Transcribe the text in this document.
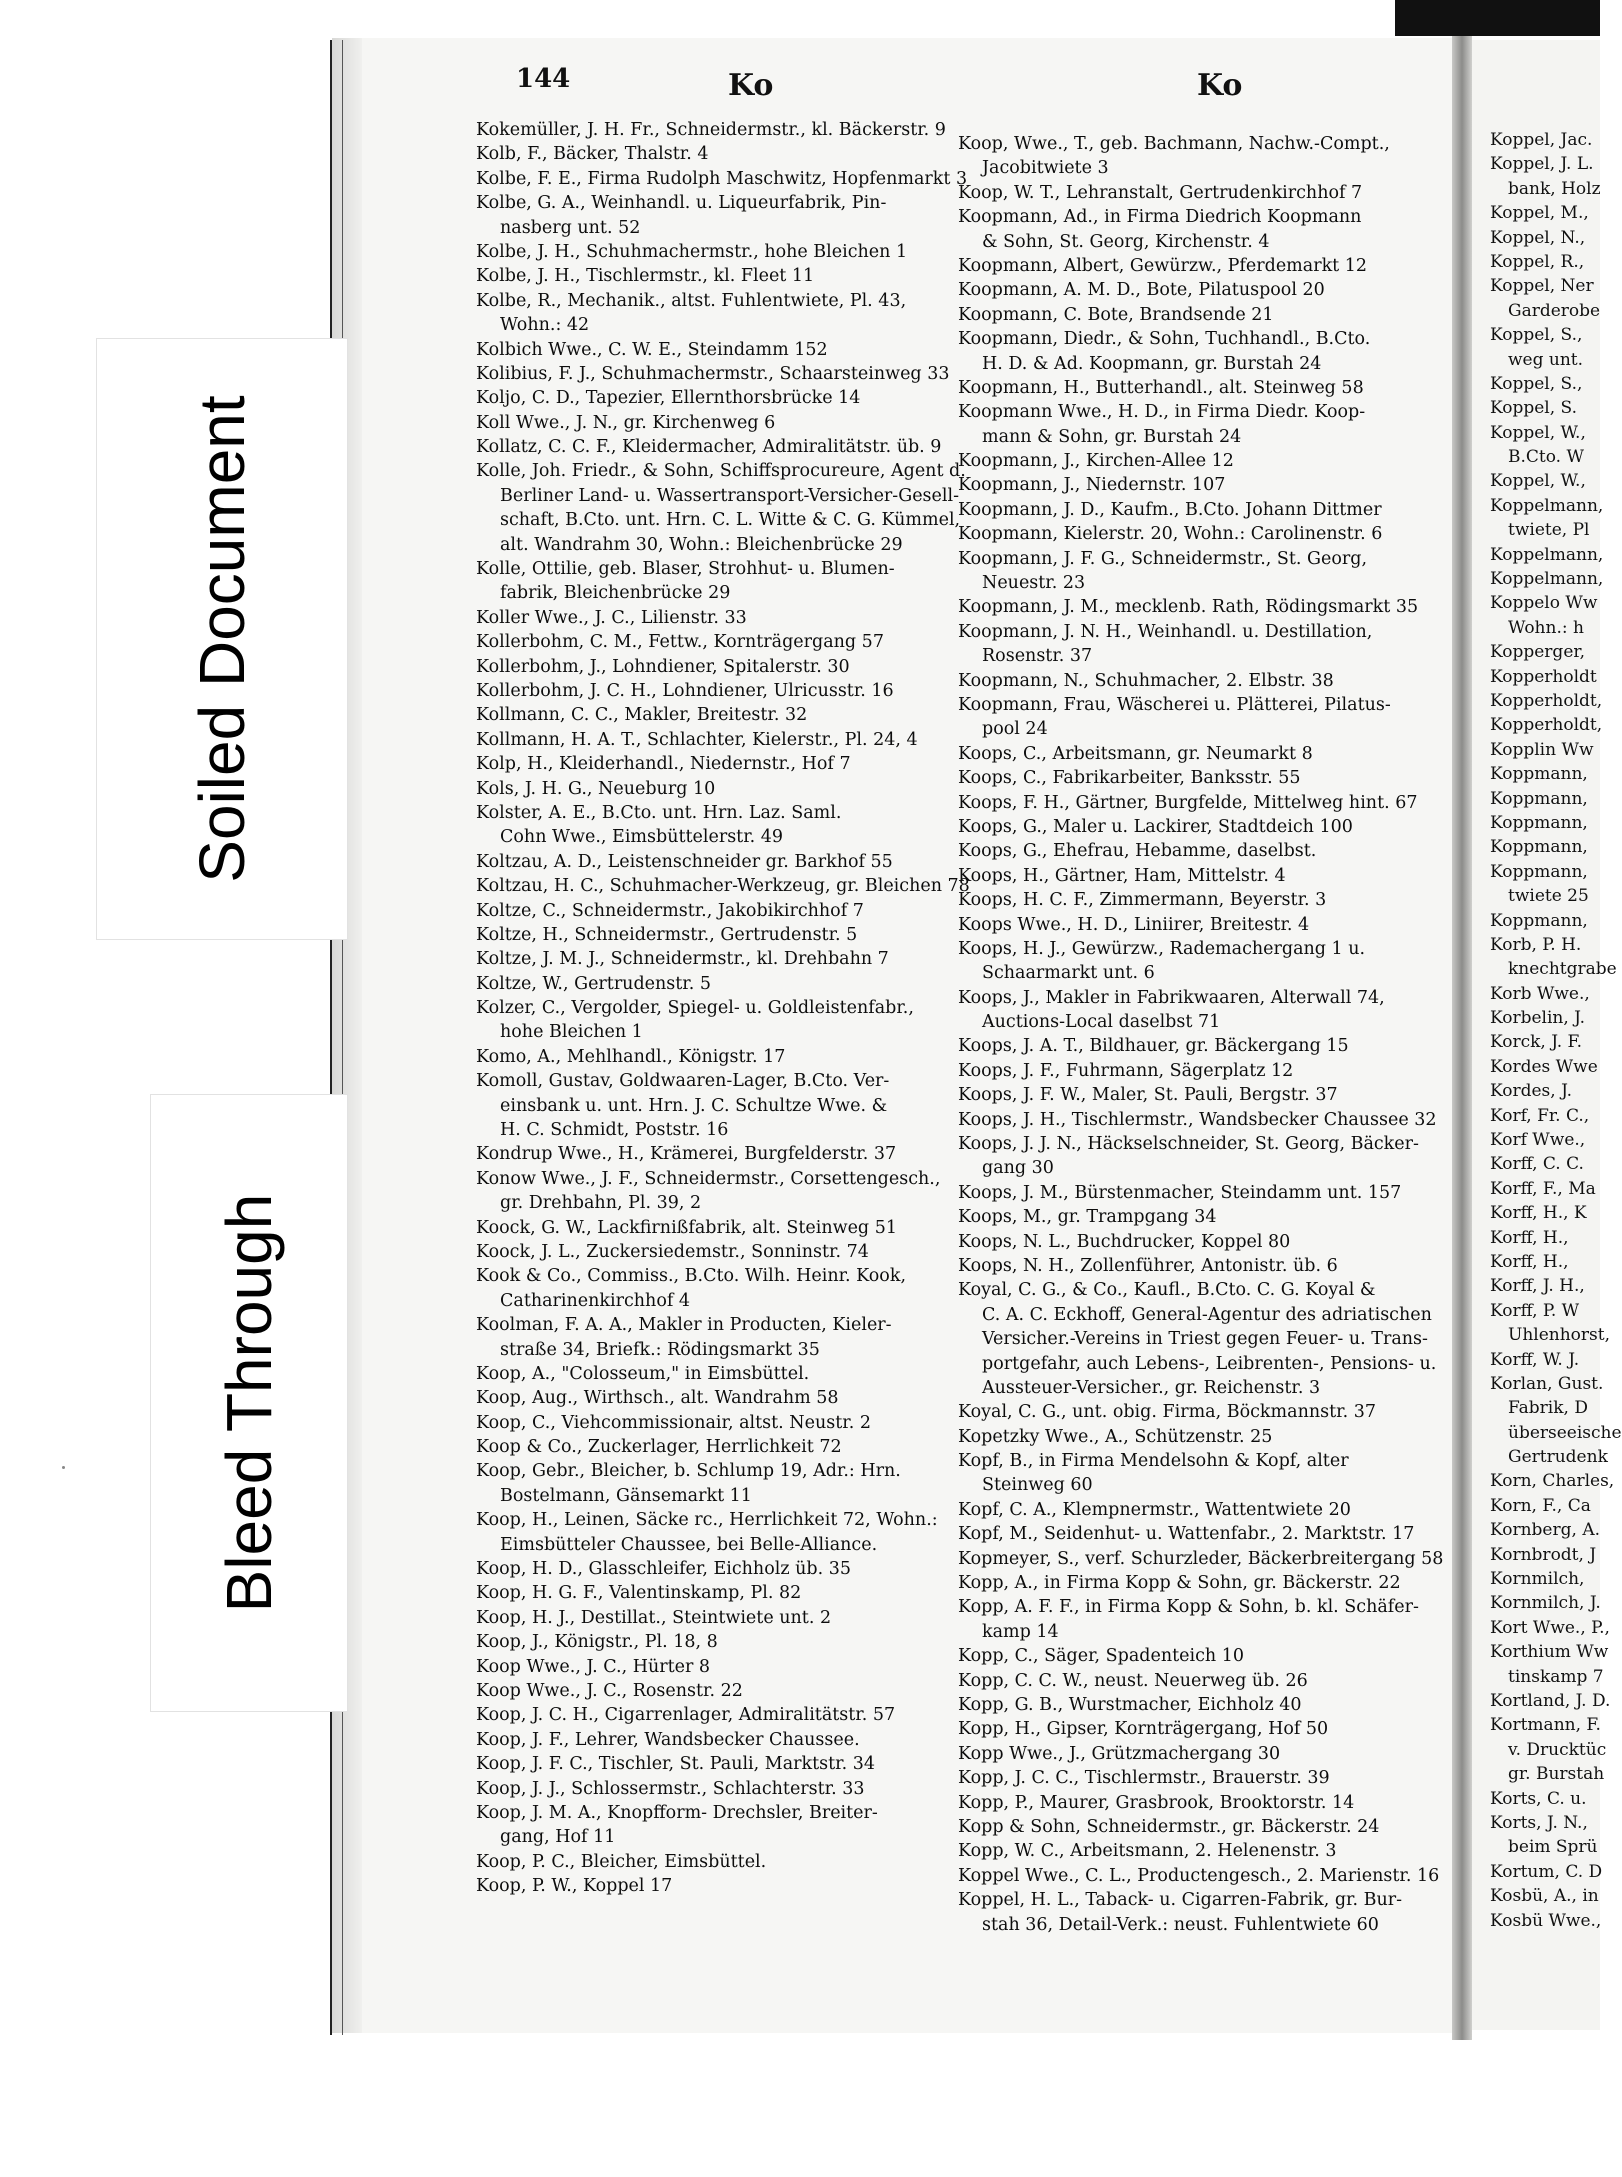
Soiled Document
Bleed Through
144	Ko	Ko
Kokemüller, J. H. Fr., Schneidermstr., kl. Bäckerstr. 9
Kolb, F., Bäcker, Thalstr. 4
Kolbe, F. E., Firma Rudolph Maschwitz, Hopfenmarkt 3
Kolbe, G. A., Weinhandl. u. Liqueurfabrik, Pin-
nasberg unt. 52
Kolbe, J. H., Schuhmachermstr., hohe Bleichen 1
Kolbe, J. H., Tischlermstr., kl. Fleet 11
Kolbe, R., Mechanik., altst. Fuhlentwiete, Pl. 43,
Wohn.: 42
Kolbich Wwe., C. W. E., Steindamm 152
Kolibius, F. J., Schuhmachermstr., Schaarsteinweg 33
Koljo, C. D., Tapezier, Ellernthorsbrücke 14
Koll Wwe., J. N., gr. Kirchenweg 6
Kollatz, C. C. F., Kleidermacher, Admiralitätstr. üb. 9
Kolle, Joh. Friedr., & Sohn, Schiffsprocureure, Agent d.
Berliner Land- u. Wassertransport-Versicher-Gesell-
schaft, B.Cto. unt. Hrn. C. L. Witte & C. G. Kümmel,
alt. Wandrahm 30, Wohn.: Bleichenbrücke 29
Kolle, Ottilie, geb. Blaser, Strohhut- u. Blumen-
fabrik, Bleichenbrücke 29
Koller Wwe., J. C., Lilienstr. 33
Kollerbohm, C. M., Fettw., Kornträgergang 57
Kollerbohm, J., Lohndiener, Spitalerstr. 30
Kollerbohm, J. C. H., Lohndiener, Ulricusstr. 16
Kollmann, C. C., Makler, Breitestr. 32
Kollmann, H. A. T., Schlachter, Kielerstr., Pl. 24, 4
Kolp, H., Kleiderhandl., Niedernstr., Hof 7
Kols, J. H. G., Neueburg 10
Kolster, A. E., B.Cto. unt. Hrn. Laz. Saml.
Cohn Wwe., Eimsbüttelerstr. 49
Koltzau, A. D., Leistenschneider gr. Barkhof 55
Koltzau, H. C., Schuhmacher-Werkzeug, gr. Bleichen 78
Koltze, C., Schneidermstr., Jakobikirchhof 7
Koltze, H., Schneidermstr., Gertrudenstr. 5
Koltze, J. M. J., Schneidermstr., kl. Drehbahn 7
Koltze, W., Gertrudenstr. 5
Kolzer, C., Vergolder, Spiegel- u. Goldleistenfabr.,
hohe Bleichen 1
Komo, A., Mehlhandl., Königstr. 17
Komoll, Gustav, Goldwaaren-Lager, B.Cto. Ver-
einsbank u. unt. Hrn. J. C. Schultze Wwe. &
H. C. Schmidt, Poststr. 16
Kondrup Wwe., H., Krämerei, Burgfelderstr. 37
Konow Wwe., J. F., Schneidermstr., Corsettengesch.,
gr. Drehbahn, Pl. 39, 2
Koock, G. W., Lackfirnißfabrik, alt. Steinweg 51
Koock, J. L., Zuckersiedemstr., Sonninstr. 74
Kook & Co., Commiss., B.Cto. Wilh. Heinr. Kook,
Catharinenkirchhof 4
Koolman, F. A. A., Makler in Producten, Kieler-
straße 34, Briefk.: Rödingsmarkt 35
Koop, A., "Colosseum," in Eimsbüttel.
Koop, Aug., Wirthsch., alt. Wandrahm 58
Koop, C., Viehcommissionair, altst. Neustr. 2
Koop & Co., Zuckerlager, Herrlichkeit 72
Koop, Gebr., Bleicher, b. Schlump 19, Adr.: Hrn.
Bostelmann, Gänsemarkt 11
Koop, H., Leinen, Säcke rc., Herrlichkeit 72, Wohn.:
Eimsbütteler Chaussee, bei Belle-Alliance.
Koop, H. D., Glasschleifer, Eichholz üb. 35
Koop, H. G. F., Valentinskamp, Pl. 82
Koop, H. J., Destillat., Steintwiete unt. 2
Koop, J., Königstr., Pl. 18, 8
Koop Wwe., J. C., Hürter 8
Koop Wwe., J. C., Rosenstr. 22
Koop, J. C. H., Cigarrenlager, Admiralitätstr. 57
Koop, J. F., Lehrer, Wandsbecker Chaussee.
Koop, J. F. C., Tischler, St. Pauli, Marktstr. 34
Koop, J. J., Schlossermstr., Schlachterstr. 33
Koop, J. M. A., Knopfform- Drechsler, Breiter-
gang, Hof 11
Koop, P. C., Bleicher, Eimsbüttel.
Koop, P. W., Koppel 17
Koop, Wwe., T., geb. Bachmann, Nachw.-Compt.,
Jacobitwiete 3
Koop, W. T., Lehranstalt, Gertrudenkirchhof 7
Koopmann, Ad., in Firma Diedrich Koopmann
& Sohn, St. Georg, Kirchenstr. 4
Koopmann, Albert, Gewürzw., Pferdemarkt 12
Koopmann, A. M. D., Bote, Pilatuspool 20
Koopmann, C. Bote, Brandsende 21
Koopmann, Diedr., & Sohn, Tuchhandl., B.Cto.
H. D. & Ad. Koopmann, gr. Burstah 24
Koopmann, H., Butterhandl., alt. Steinweg 58
Koopmann Wwe., H. D., in Firma Diedr. Koop-
mann & Sohn, gr. Burstah 24
Koopmann, J., Kirchen-Allee 12
Koopmann, J., Niedernstr. 107
Koopmann, J. D., Kaufm., B.Cto. Johann Dittmer
Koopmann, Kielerstr. 20, Wohn.: Carolinenstr. 6
Koopmann, J. F. G., Schneidermstr., St. Georg,
Neuestr. 23
Koopmann, J. M., mecklenb. Rath, Rödingsmarkt 35
Koopmann, J. N. H., Weinhandl. u. Destillation,
Rosenstr. 37
Koopmann, N., Schuhmacher, 2. Elbstr. 38
Koopmann, Frau, Wäscherei u. Plätterei, Pilatus-
pool 24
Koops, C., Arbeitsmann, gr. Neumarkt 8
Koops, C., Fabrikarbeiter, Banksstr. 55
Koops, F. H., Gärtner, Burgfelde, Mittelweg hint. 67
Koops, G., Maler u. Lackirer, Stadtdeich 100
Koops, G., Ehefrau, Hebamme, daselbst.
Koops, H., Gärtner, Ham, Mittelstr. 4
Koops, H. C. F., Zimmermann, Beyerstr. 3
Koops Wwe., H. D., Liniirer, Breitestr. 4
Koops, H. J., Gewürzw., Rademachergang 1 u.
Schaarmarkt unt. 6
Koops, J., Makler in Fabrikwaaren, Alterwall 74,
Auctions-Local daselbst 71
Koops, J. A. T., Bildhauer, gr. Bäckergang 15
Koops, J. F., Fuhrmann, Sägerplatz 12
Koops, J. F. W., Maler, St. Pauli, Bergstr. 37
Koops, J. H., Tischlermstr., Wandsbecker Chaussee 32
Koops, J. J. N., Häckselschneider, St. Georg, Bäcker-
gang 30
Koops, J. M., Bürstenmacher, Steindamm unt. 157
Koops, M., gr. Trampgang 34
Koops, N. L., Buchdrucker, Koppel 80
Koops, N. H., Zollenführer, Antonistr. üb. 6
Koyal, C. G., & Co., Kaufl., B.Cto. C. G. Koyal &
C. A. C. Eckhoff, General-Agentur des adriatischen
Versicher.-Vereins in Triest gegen Feuer- u. Trans-
portgefahr, auch Lebens-, Leibrenten-, Pensions- u.
Aussteuer-Versicher., gr. Reichenstr. 3
Koyal, C. G., unt. obig. Firma, Böckmannstr. 37
Kopetzky Wwe., A., Schützenstr. 25
Kopf, B., in Firma Mendelsohn & Kopf, alter
Steinweg 60
Kopf, C. A., Klempnermstr., Wattentwiete 20
Kopf, M., Seidenhut- u. Wattenfabr., 2. Marktstr. 17
Kopmeyer, S., verf. Schurzleder, Bäckerbreitergang 58
Kopp, A., in Firma Kopp & Sohn, gr. Bäckerstr. 22
Kopp, A. F. F., in Firma Kopp & Sohn, b. kl. Schäfer-
kamp 14
Kopp, C., Säger, Spadenteich 10
Kopp, C. C. W., neust. Neuerweg üb. 26
Kopp, G. B., Wurstmacher, Eichholz 40
Kopp, H., Gipser, Kornträgergang, Hof 50
Kopp Wwe., J., Grützmachergang 30
Kopp, J. C. C., Tischlermstr., Brauerstr. 39
Kopp, P., Maurer, Grasbrook, Brooktorstr. 14
Kopp & Sohn, Schneidermstr., gr. Bäckerstr. 24
Kopp, W. C., Arbeitsmann, 2. Helenenstr. 3
Koppel Wwe., C. L., Productengesch., 2. Marienstr. 16
Koppel, H. L., Taback- u. Cigarren-Fabrik, gr. Bur-
stah 36, Detail-Verk.: neust. Fuhlentwiete 60
Koppel, Jac.
Koppel, J. L.
bank, Holz
Koppel, M.,
Koppel, N.,
Koppel, R.,
Koppel, Ner
Garderobe
Koppel, S.,
weg unt.
Koppel, S.,
Koppel, S.
Koppel, W.,
B.Cto. W
Koppel, W.,
Koppelmann,
twiete, Pl
Koppelmann,
Koppelmann,
Koppelo Ww
Wohn.: h
Kopperger,
Kopperholdt
Kopperholdt,
Kopperholdt,
Kopplin Ww
Koppmann,
Koppmann,
Koppmann,
Koppmann,
Koppmann,
twiete 25
Koppmann,
Korb, P. H.
knechtgrabe
Korb Wwe.,
Korbelin, J.
Korck, J. F.
Kordes Wwe
Kordes, J.
Korf, Fr. C.,
Korf Wwe.,
Korff, C. C.
Korff, F., Ma
Korff, H., K
Korff, H.,
Korff, H.,
Korff, J. H.,
Korff, P. W
Uhlenhorst,
Korff, W. J.
Korlan, Gust.
Fabrik, D
überseeische
Gertrudenk
Korn, Charles,
Korn, F., Ca
Kornberg, A.
Kornbrodt, J
Kornmilch,
Kornmilch, J.
Kort Wwe., P.,
Korthium Ww
tinskamp 7
Kortland, J. D.
Kortmann, F.
v. Drucktüc
gr. Burstah
Korts, C. u.
Korts, J. N.,
beim Sprü
Kortum, C. D
Kosbü, A., in
Kosbü Wwe.,
